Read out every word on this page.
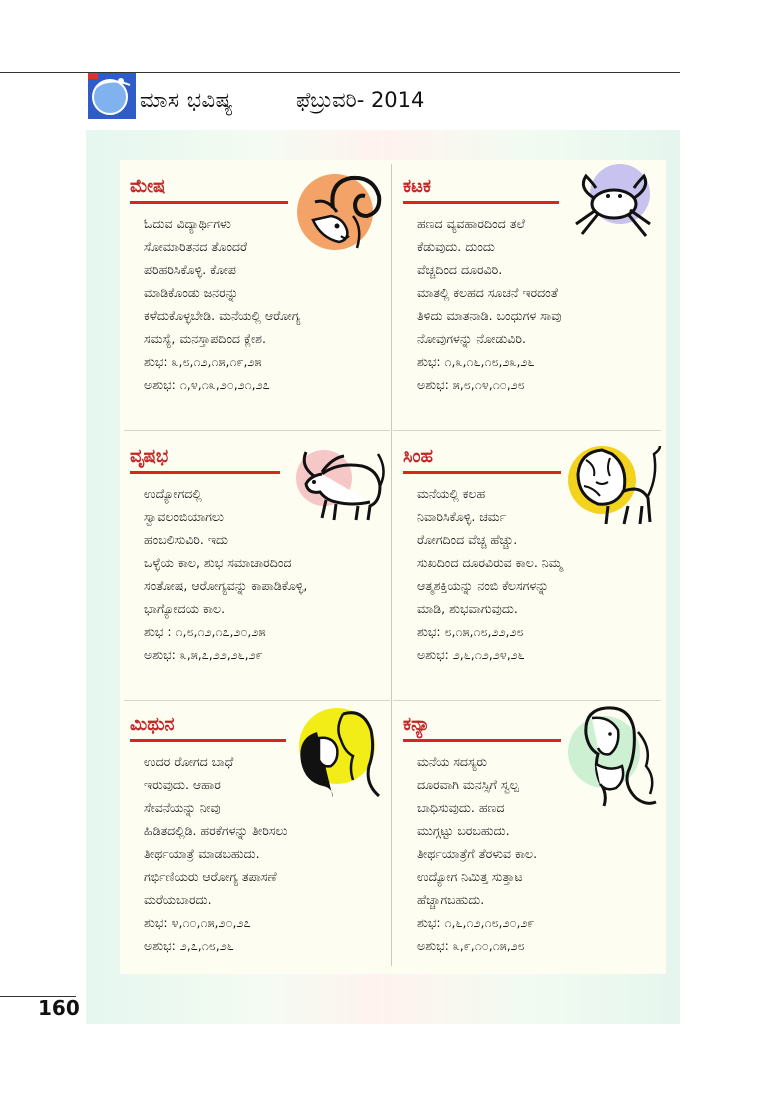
ಮಾಸ ಭವಿಷ್ಯ	ಫೆಬ್ರುವರಿ- 2014
ಮೇಷ
ಓದುವ ವಿದ್ಯಾರ್ಥಿಗಳು
ಸೋಮಾರಿತನದ ತೊಂದರೆ
ಪರಿಹರಿಸಿಕೊಳ್ಳಿ. ಕೋಪ
ಮಾಡಿಕೊಂಡು ಜನರನ್ನು
ಕಳೆದುಕೊಳ್ಳಬೇಡಿ. ಮನೆಯಲ್ಲಿ ಆರೋಗ್ಯ
ಸಮಸ್ಯೆ, ಮನಸ್ತಾಪದಿಂದ ಕ್ಲೇಶ.
ಶುಭ: ೩,೮,೧೨,೧೫,೧೯,೨೫
ಅಶುಭ: ೧,೪,೧೩,೨೦,೨೧,೨೭
ಕಟಕ
ಹಣದ ವ್ಯವಹಾರದಿಂದ ತಲೆ
ಕೆಡುವುದು. ದುಂದು
ವೆಚ್ಚದಿಂದ ದೂರವಿರಿ.
ಮಾತಲ್ಲಿ ಕಲಹದ ಸೂಚನೆ ಇರದಂತೆ
ತಿಳಿದು ಮಾತನಾಡಿ. ಬಂಧುಗಳ ಸಾವು
ನೋವುಗಳನ್ನು ನೋಡುವಿರಿ.
ಶುಭ: ೧,೩,೧೬,೧೮,೨೩,೨೬
ಅಶುಭ: ೫,೮,೧೪,೧೦,೨೮
ವೃಷಭ
ಉದ್ಯೋಗದಲ್ಲಿ
ಸ್ವಾವಲಂಬಿಯಾಗಲು
ಹಂಬಲಿಸುವಿರಿ. ಇದು
ಒಳ್ಳೆಯ ಕಾಲ, ಶುಭ ಸಮಾಚಾರದಿಂದ
ಸಂತೋಷ, ಆರೋಗ್ಯವನ್ನು ಕಾಪಾಡಿಕೊಳ್ಳಿ,
ಭಾಗ್ಯೋದಯ ಕಾಲ.
ಶುಭ : ೧,೮,೧೨,೧೭,೨೦,೨೫
ಅಶುಭ: ೩,೫,೭,೨೨,೨೬,೨೯
ಸಿಂಹ
ಮನೆಯಲ್ಲಿ ಕಲಹ
ನಿವಾರಿಸಿಕೊಳ್ಳಿ. ಚರ್ಮ
ರೋಗದಿಂದ ವೆಚ್ಚ ಹೆಚ್ಚು.
ಸುಖದಿಂದ ದೂರವಿರುವ ಕಾಲ. ನಿಮ್ಮ
ಆತ್ಮಶಕ್ತಿಯನ್ನು ನಂಬಿ ಕೆಲಸಗಳನ್ನು
ಮಾಡಿ, ಶುಭವಾಗುವುದು.
ಶುಭ: ೮,೧೫,೧೮,೨೨,೨೮
ಅಶುಭ: ೨,೬,೧೨,೨೪,೨೬
ಮಿಥುನ
ಉದರ ರೋಗದ ಬಾಧೆ
ಇರುವುದು. ಆಹಾರ
ಸೇವನೆಯನ್ನು ನೀವು
ಹಿಡಿತದಲ್ಲಿಡಿ. ಹರಕೆಗಳನ್ನು ತೀರಿಸಲು
ತೀರ್ಥಯಾತ್ರೆ ಮಾಡಬಹುದು.
ಗರ್ಭಿಣಿಯರು ಆರೋಗ್ಯ ತಪಾಸಣೆ
ಮರೆಯಬಾರದು.
ಶುಭ: ೪,೧೦,೧೫,೨೦,೨೭
ಅಶುಭ: ೨,೭,೧೮,೨೬
ಕನ್ಯಾ
ಮನೆಯ ಸದಸ್ಯರು
ದೂರವಾಗಿ ಮನಸ್ಸಿಗೆ ಸ್ವಲ್ಪ
ಬಾಧಿಸುವುದು. ಹಣದ
ಮುಗ್ಗಟ್ಟು ಬರಬಹುದು.
ತೀರ್ಥಯಾತ್ರೆಗೆ ತೆರಳುವ ಕಾಲ.
ಉದ್ಯೋಗ ನಿಮಿತ್ತ ಸುತ್ತಾಟ
ಹೆಚ್ಚಾಗಬಹುದು.
ಶುಭ: ೧,೬,೧೨,೧೮,೨೦,೨೯
ಅಶುಭ: ೩,೯,೧೦,೧೫,೨೮
160
